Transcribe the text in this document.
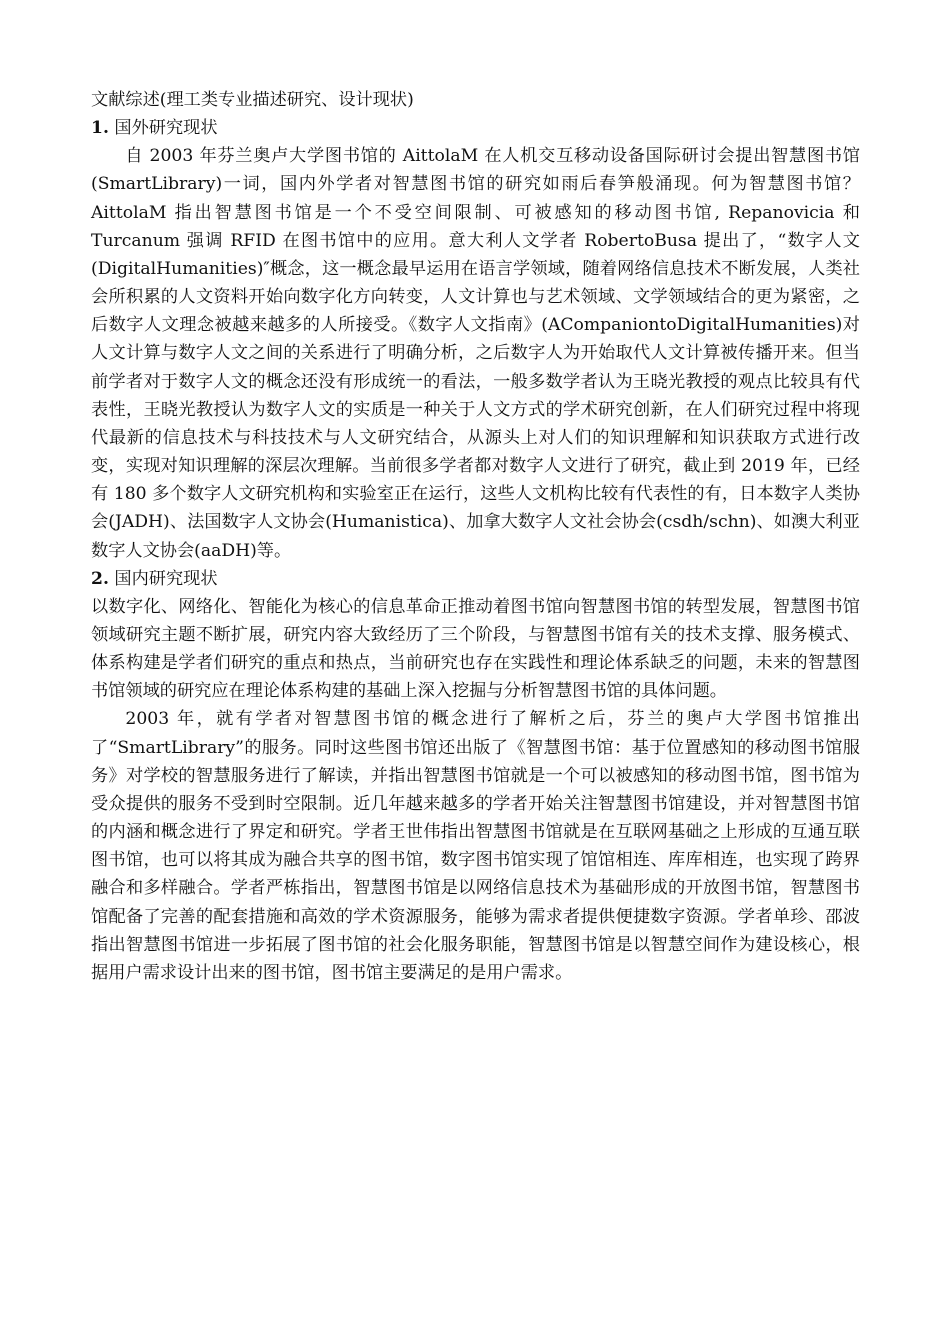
文献综述(理工类专业描述研究、设计现状)

1. 国外研究现状

自 2003 年芬兰奥卢大学图书馆的 AittolaM 在人机交互移动设备国际研讨会提出智慧图书馆(SmartLibrary)一词，国内外学者对智慧图书馆的研究如雨后春笋般涌现。何为智慧图书馆？AittolaM 指出智慧图书馆是一个不受空间限制、可被感知的移动图书馆, Repanovicia 和 Turcanum 强调 RFID 在图书馆中的应用。意大利人文学者 RobertoBusa 提出了，“数字人文(DigitalHumanities)″概念，这一概念最早运用在语言学领域，随着网络信息技术不断发展，人类社会所积累的人文资料开始向数字化方向转变，人文计算也与艺术领域、文学领域结合的更为紧密，之后数字人文理念被越来越多的人所接受。《数字人文指南》(ACompaniontoDigitalHumanities)对人文计算与数字人文之间的关系进行了明确分析，之后数字人为开始取代人文计算被传播开来。但当前学者对于数字人文的概念还没有形成统一的看法，一般多数学者认为王晓光教授的观点比较具有代表性，王晓光教授认为数字人文的实质是一种关于人文方式的学术研究创新，在人们研究过程中将现代最新的信息技术与科技技术与人文研究结合，从源头上对人们的知识理解和知识获取方式进行改变，实现对知识理解的深层次理解。当前很多学者都对数字人文进行了研究，截止到 2019 年，已经有 180 多个数字人文研究机构和实验室正在运行，这些人文机构比较有代表性的有，日本数字人类协会(JADH)、法国数字人文协会(Humanistica)、加拿大数字人文社会协会(csdh/schn)、如澳大利亚数字人文协会(aaDH)等。

2. 国内研究现状

以数字化、网络化、智能化为核心的信息革命正推动着图书馆向智慧图书馆的转型发展，智慧图书馆领域研究主题不断扩展，研究内容大致经历了三个阶段，与智慧图书馆有关的技术支撑、服务模式、体系构建是学者们研究的重点和热点，当前研究也存在实践性和理论体系缺乏的问题，未来的智慧图书馆领域的研究应在理论体系构建的基础上深入挖掘与分析智慧图书馆的具体问题。

2003 年，就有学者对智慧图书馆的概念进行了解析之后，芬兰的奥卢大学图书馆推出了“SmartLibrary”的服务。同时这些图书馆还出版了《智慧图书馆：基于位置感知的移动图书馆服务》对学校的智慧服务进行了解读，并指出智慧图书馆就是一个可以被感知的移动图书馆，图书馆为受众提供的服务不受到时空限制。近几年越来越多的学者开始关注智慧图书馆建设，并对智慧图书馆的内涵和概念进行了界定和研究。学者王世伟指出智慧图书馆就是在互联网基础之上形成的互通互联图书馆，也可以将其成为融合共享的图书馆，数字图书馆实现了馆馆相连、库库相连，也实现了跨界融合和多样融合。学者严栋指出，智慧图书馆是以网络信息技术为基础形成的开放图书馆，智慧图书馆配备了完善的配套措施和高效的学术资源服务，能够为需求者提供便捷数字资源。学者单珍、邵波指出智慧图书馆进一步拓展了图书馆的社会化服务职能，智慧图书馆是以智慧空间作为建设核心，根据用户需求设计出来的图书馆，图书馆主要满足的是用户需求。
